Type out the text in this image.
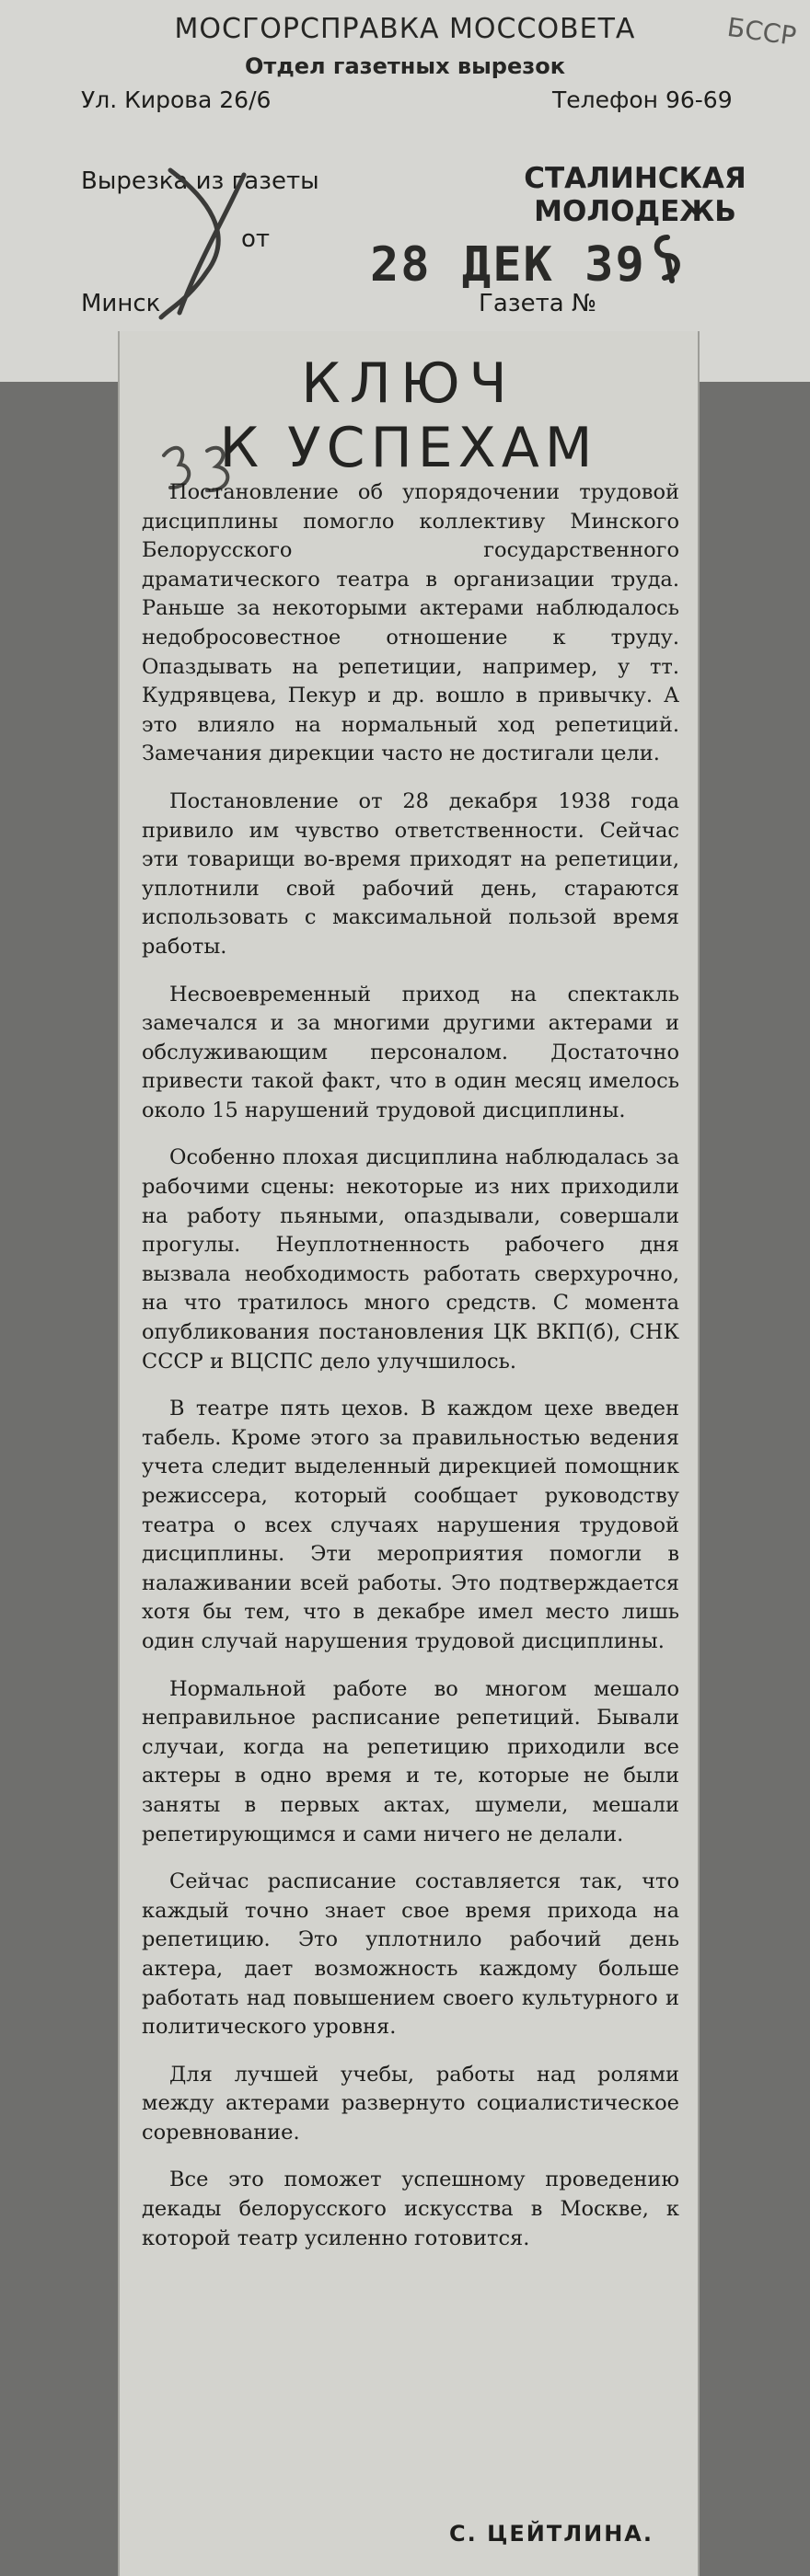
МОСГОРСПРАВКА МОССОВЕТА
Отдел газетных вырезок
Ул. Кирова 26/6	Телефон 96-69
БССР
Вырезка из газеты
от
Минск	Газета №
СТАЛИНСКАЯ МОЛОДЕЖЬ
28 ДЕК 39
КЛЮЧ
К УСПЕХАМ

Постановление об упорядочении трудовой дисциплины помогло коллективу Минского Белорусского государственного драматического театра в организации труда. Раньше за некоторыми актерами наблюдалось недобросовестное отношение к труду. Опаздывать на репетиции, например, у тт. Кудрявцева, Пекур и др. вошло в привычку. А это влияло на нормальный ход репетиций. Замечания дирекции часто не достигали цели.

Постановление от 28 декабря 1938 года привило им чувство ответственности. Сейчас эти товарищи во-время приходят на репетиции, уплотнили свой рабочий день, стараются использовать с максимальной пользой время работы.

Несвоевременный приход на спектакль замечался и за многими другими актерами и обслуживающим персоналом. Достаточно привести такой факт, что в один месяц имелось около 15 нарушений трудовой дисциплины.

Особенно плохая дисциплина наблюдалась за рабочими сцены: некоторые из них приходили на работу пьяными, опаздывали, совершали прогулы. Неуплотненность рабочего дня вызвала необходимость работать сверхурочно, на что тратилось много средств. С момента опубликования постановления ЦК ВКП(б), СНК СССР и ВЦСПС дело улучшилось.

В театре пять цехов. В каждом цехе введен табель. Кроме этого за правильностью ведения учета следит выделенный дирекцией помощник режиссера, который сообщает руководству театра о всех случаях нарушения трудовой дисциплины. Эти мероприятия помогли в налаживании всей работы. Это подтверждается хотя бы тем, что в декабре имел место лишь один случай нарушения трудовой дисциплины.

Нормальной работе во многом мешало неправильное расписание репетиций. Бывали случаи, когда на репетицию приходили все актеры в одно время и те, которые не были заняты в первых актах, шумели, мешали репетирующимся и сами ничего не делали.

Сейчас расписание составляется так, что каждый точно знает свое время прихода на репетицию. Это уплотнило рабочий день актера, дает возможность каждому больше работать над повышением своего культурного и политического уровня.

Для лучшей учебы, работы над ролями между актерами развернуто социалистическое соревнование.

Все это поможет успешному проведению декады белорусского искусства в Москве, к которой театр усиленно готовится.

С. ЦЕЙТЛИНА.
